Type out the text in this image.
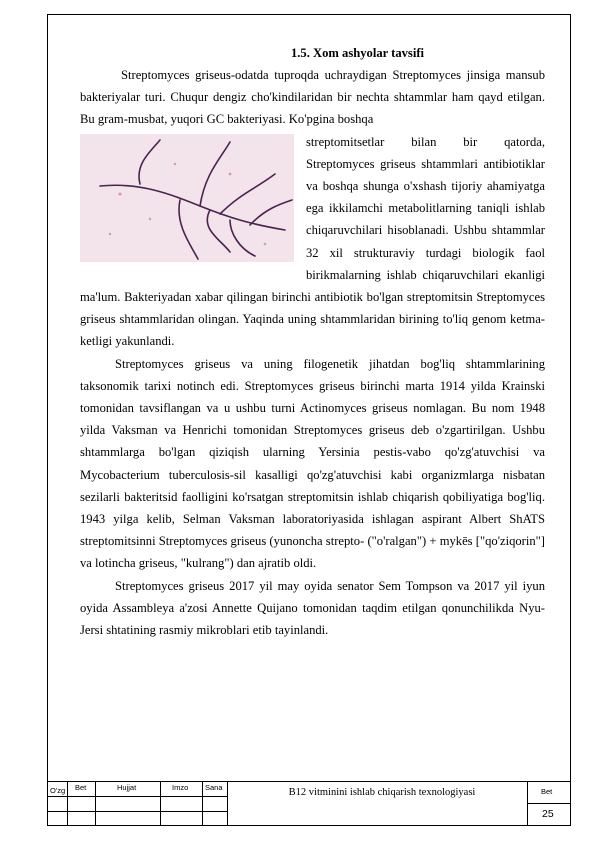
1.5. Xom ashyolar tavsifi

Streptomyces griseus-odatda tuproqda uchraydigan Streptomyces jinsiga mansub bakteriyalar turi. Chuqur dengiz cho'kindilaridan bir nechta shtammlar ham qayd etilgan. Bu gram-musbat, yuqori GC bakteriyasi. Ko'pgina boshqa

streptomitsetlar bilan bir qatorda, Streptomyces griseus shtammlari antibiotiklar va boshqa shunga o'xshash tijoriy ahamiyatga ega ikkilamchi metabolitlarning taniqli ishlab chiqaruvchilari hisoblanadi. Ushbu shtammlar 32 xil strukturaviy turdagi biologik faol birikmalarning ishlab chiqaruvchilari ekanligi ma'lum. Bakteriyadan xabar qilingan birinchi antibiotik bo'lgan streptomitsin Streptomyces griseus shtammlaridan olingan. Yaqinda uning shtammlaridan birining to'liq genom ketma-ketligi yakunlandi.

Streptomyces griseus va uning filogenetik jihatdan bog'liq shtammlarining taksonomik tarixi notinch edi. Streptomyces griseus birinchi marta 1914 yilda Krainski tomonidan tavsiflangan va u ushbu turni Actinomyces griseus nomlagan. Bu nom 1948 yilda Vaksman va Henrichi tomonidan Streptomyces griseus deb o'zgartirilgan. Ushbu shtammlarga bo'lgan qiziqish ularning Yersinia pestis-vabo qo'zg'atuvchisi va Mycobacterium tuberculosis-sil kasalligi qo'zg'atuvchisi kabi organizmlarga nisbatan sezilarli bakteritsid faolligini ko'rsatgan streptomitsin ishlab chiqarish qobiliyatiga bog'liq. 1943 yilga kelib, Selman Vaksman laboratoriyasida ishlagan aspirant Albert ShATS streptomitsinni Streptomyces griseus (yunoncha strepto- ("o'ralgan") + mykēs ["qo'ziqorin"] va lotincha griseus, "kulrang") dan ajratib oldi.

Streptomyces griseus 2017 yil may oyida senator Sem Tompson va 2017 yil iyun oyida Assambleya a'zosi Annette Quijano tomonidan taqdim etilgan qonunchilikda Nyu-Jersi shtatining rasmiy mikroblari etib tayinlandi.

O'zg Bet	Hujjat	Imzo Sana	B12 vitminini ishlab chiqarish texnologiyasi	Bet
25
